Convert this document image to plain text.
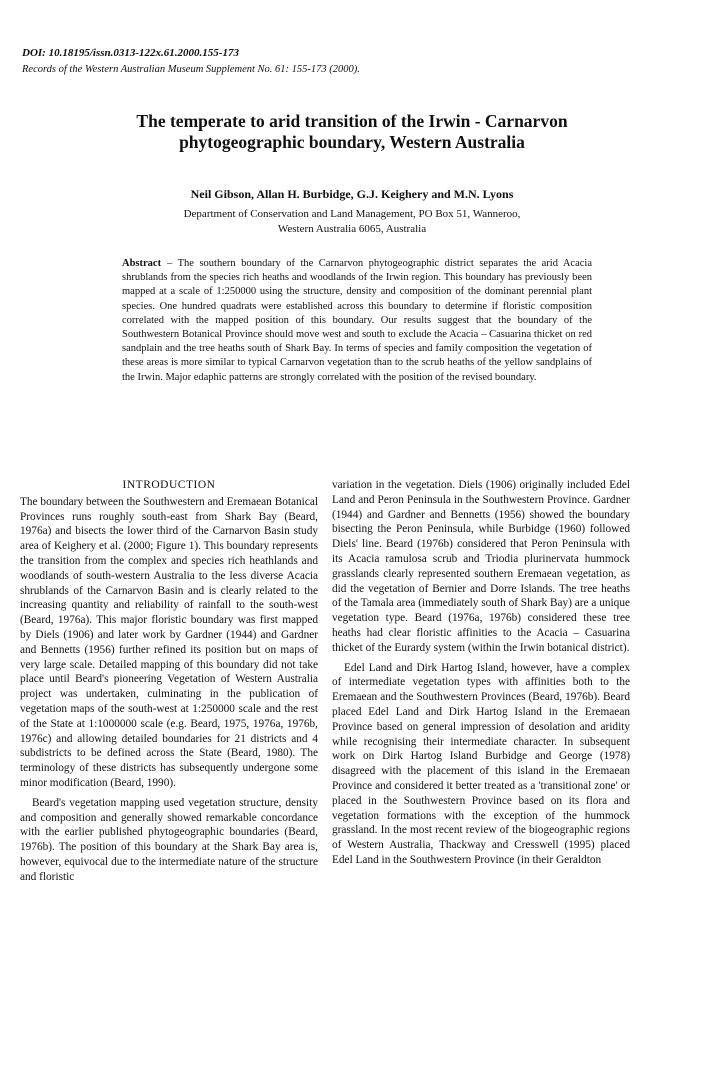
DOI: 10.18195/issn.0313-122x.61.2000.155-173
Records of the Western Australian Museum Supplement No. 61: 155-173 (2000).
The temperate to arid transition of the Irwin - Carnarvon
phytogeographic boundary, Western Australia
Neil Gibson, Allan H. Burbidge, G.J. Keighery and M.N. Lyons
Department of Conservation and Land Management, PO Box 51, Wanneroo,
Western Australia 6065, Australia
Abstract – The southern boundary of the Carnarvon phytogeographic district separates the arid Acacia shrublands from the species rich heaths and woodlands of the Irwin region. This boundary has previously been mapped at a scale of 1:250000 using the structure, density and composition of the dominant perennial plant species. One hundred quadrats were established across this boundary to determine if floristic composition correlated with the mapped position of this boundary. Our results suggest that the boundary of the Southwestern Botanical Province should move west and south to exclude the Acacia – Casuarina thicket on red sandplain and the tree heaths south of Shark Bay. In terms of species and family composition the vegetation of these areas is more similar to typical Carnarvon vegetation than to the scrub heaths of the yellow sandplains of the Irwin. Major edaphic patterns are strongly correlated with the position of the revised boundary.
INTRODUCTION

The boundary between the Southwestern and Eremaean Botanical Provinces runs roughly south-east from Shark Bay (Beard, 1976a) and bisects the lower third of the Carnarvon Basin study area of Keighery et al. (2000; Figure 1). This boundary represents the transition from the complex and species rich heathlands and woodlands of south-western Australia to the less diverse Acacia shrublands of the Carnarvon Basin and is clearly related to the increasing quantity and reliability of rainfall to the south-west (Beard, 1976a). This major floristic boundary was first mapped by Diels (1906) and later work by Gardner (1944) and Gardner and Bennetts (1956) further refined its position but on maps of very large scale. Detailed mapping of this boundary did not take place until Beard's pioneering Vegetation of Western Australia project was undertaken, culminating in the publication of vegetation maps of the south-west at 1:250000 scale and the rest of the State at 1:1000000 scale (e.g. Beard, 1975, 1976a, 1976b, 1976c) and allowing detailed boundaries for 21 districts and 4 subdistricts to be defined across the State (Beard, 1980). The terminology of these districts has subsequently undergone some minor modification (Beard, 1990).

Beard's vegetation mapping used vegetation structure, density and composition and generally showed remarkable concordance with the earlier published phytogeographic boundaries (Beard, 1976b). The position of this boundary at the Shark Bay area is, however, equivocal due to the intermediate nature of the structure and floristic

variation in the vegetation. Diels (1906) originally included Edel Land and Peron Peninsula in the Southwestern Province. Gardner (1944) and Gardner and Bennetts (1956) showed the boundary bisecting the Peron Peninsula, while Burbidge (1960) followed Diels' line. Beard (1976b) considered that Peron Peninsula with its Acacia ramulosa scrub and Triodia plurinervata hummock grasslands clearly represented southern Eremaean vegetation, as did the vegetation of Bernier and Dorre Islands. The tree heaths of the Tamala area (immediately south of Shark Bay) are a unique vegetation type. Beard (1976a, 1976b) considered these tree heaths had clear floristic affinities to the Acacia – Casuarina thicket of the Eurardy system (within the Irwin botanical district).

Edel Land and Dirk Hartog Island, however, have a complex of intermediate vegetation types with affinities both to the Eremaean and the Southwestern Provinces (Beard, 1976b). Beard placed Edel Land and Dirk Hartog Island in the Eremaean Province based on general impression of desolation and aridity while recognising their intermediate character. In subsequent work on Dirk Hartog Island Burbidge and George (1978) disagreed with the placement of this island in the Eremaean Province and considered it better treated as a 'transitional zone' or placed in the Southwestern Province based on its flora and vegetation formations with the exception of the hummock grassland. In the most recent review of the biogeographic regions of Western Australia, Thackway and Cresswell (1995) placed Edel Land in the Southwestern Province (in their Geraldton
